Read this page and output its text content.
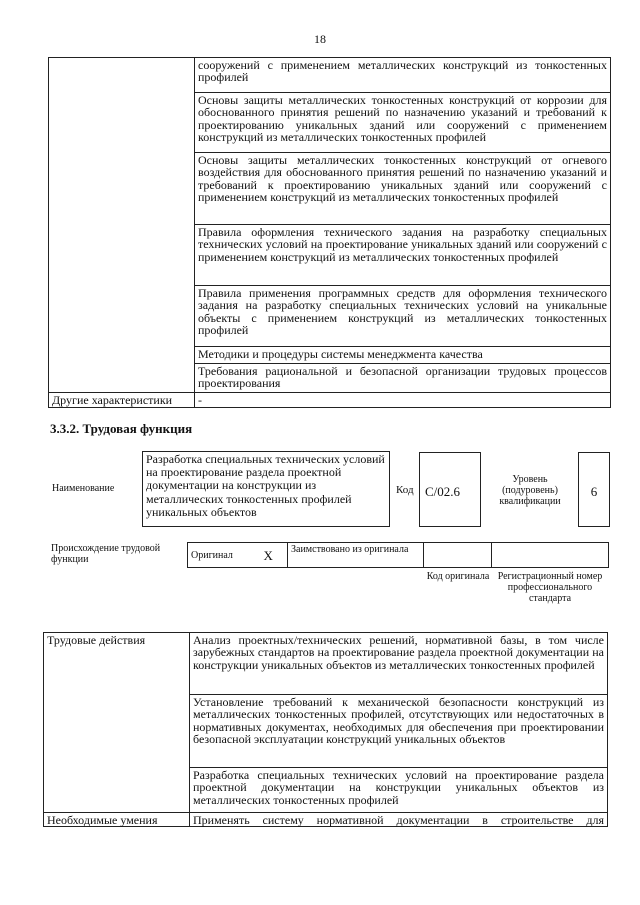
18
	сооружений с применением металлических конструкций из тонкостенных профилей
	Основы защиты металлических тонкостенных конструкций от коррозии для обоснованного принятия решений по назначению указаний и требований к проектированию уникальных зданий или сооружений с применением конструкций из металлических тонкостенных профилей
	Основы защиты металлических тонкостенных конструкций от огневого воздействия для обоснованного принятия решений по назначению указаний и требований к проектированию уникальных зданий или сооружений с применением конструкций из металлических тонкостенных профилей
	Правила оформления технического задания на разработку специальных технических условий на проектирование уникальных зданий или сооружений с применением конструкций из металлических тонкостенных профилей
	Правила применения программных средств для оформления технического задания на разработку специальных технических условий на уникальные объекты с применением конструкций из металлических тонкостенных профилей
	Методики и процедуры системы менеджмента качества
	Требования рациональной и безопасной организации трудовых процессов проектирования
Другие характеристики	-
3.3.2. Трудовая функция
Наименование
Разработка специальных технических условий на проектирование раздела проектной документации на конструкции из металлических тонкостенных профилей уникальных объектов
Код С/02.6
Уровень (подуровень) квалификации
6
Происхождение трудовой функции	Оригинал	X	Заимствовано из оригинала		
Код оригинала Регистрационный номер профессионального стандарта
Трудовые действия	Анализ проектных/технических решений, нормативной базы, в том числе зарубежных стандартов на проектирование раздела проектной документации на конструкции уникальных объектов из металлических тонкостенных профилей
	Установление требований к механической безопасности конструкций из металлических тонкостенных профилей, отсутствующих или недостаточных в нормативных документах, необходимых для обеспечения при проектировании безопасной эксплуатации конструкций уникальных объектов
	Разработка специальных технических условий на проектирование раздела проектной документации на конструкции уникальных объектов из металлических тонкостенных профилей
Необходимые умения	Применять систему нормативной документации в строительстве для
